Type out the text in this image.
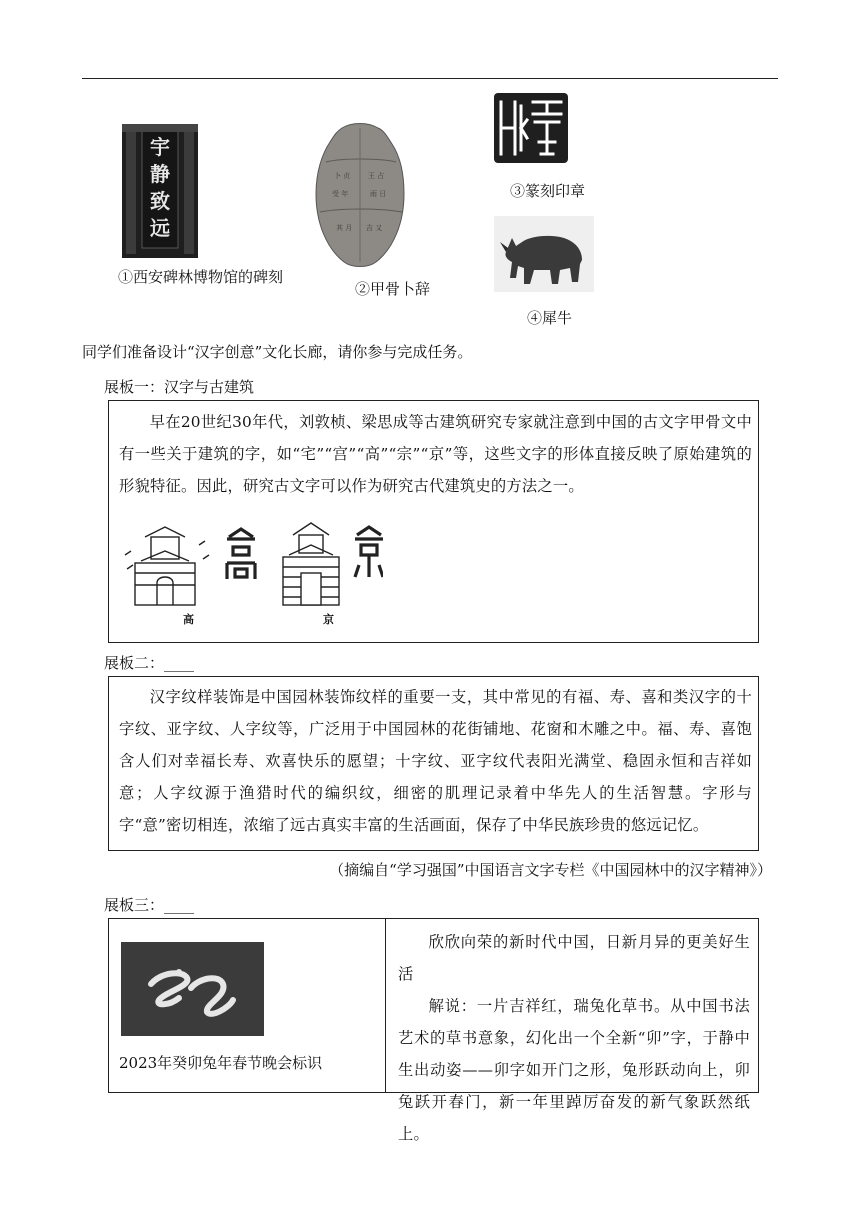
宇静致远
①西安碑林博物馆的碑刻
卜 贞	王 占
受 年	雨 日
其 月 吉 又
②甲骨卜辞
③篆刻印章
④犀牛
同学们准备设计“汉字创意”文化长廊，请你参与完成任务。
展板一：汉字与古建筑

早在20世纪30年代，刘敦桢、梁思成等古建筑研究专家就注意到中国的古文字甲骨文中有一些关于建筑的字，如“宅”“宫”“高”“宗”“京”等，这些文字的形体直接反映了原始建筑的形貌特征。因此，研究古文字可以作为研究古代建筑史的方法之一。

高	京
展板二：____

汉字纹样装饰是中国园林装饰纹样的重要一支，其中常见的有福、寿、喜和类汉字的十字纹、亚字纹、人字纹等，广泛用于中国园林的花街铺地、花窗和木雕之中。福、寿、喜饱含人们对幸福长寿、欢喜快乐的愿望；十字纹、亚字纹代表阳光满堂、稳固永恒和吉祥如意；人字纹源于渔猎时代的编织纹，细密的肌理记录着中华先人的生活智慧。字形与字“意”密切相连，浓缩了远古真实丰富的生活画面，保存了中华民族珍贵的悠远记忆。

（摘编自“学习强国”中国语言文字专栏《中国园林中的汉字精神》）
展板三：____
2023年癸卯兔年春节晚会标识

欣欣向荣的新时代中国，日新月异的更美好生活

解说：一片吉祥红，瑞兔化草书。从中国书法艺术的草书意象，幻化出一个全新“卯”字，于静中生出动姿——卯字如开门之形，兔形跃动向上，卯兔跃开春门，新一年里踔厉奋发的新气象跃然纸上。
